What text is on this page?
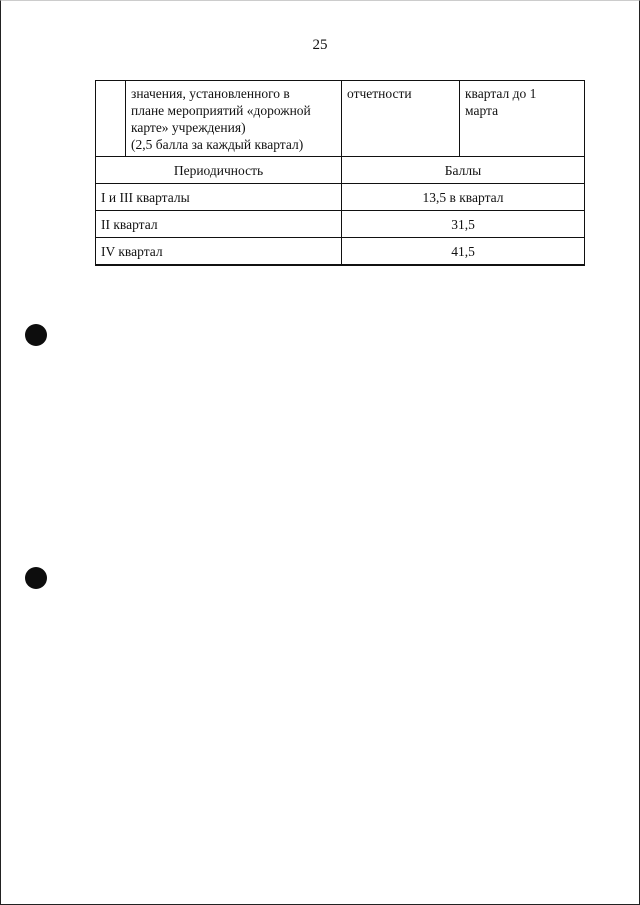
25
	значения, установленного в
плане мероприятий «дорожной
карте» учреждения)
(2,5 балла за каждый квартал)	отчетности	квартал до 1
марта
Периодичность		Баллы	
I и III кварталы		13,5 в квартал	
II квартал		31,5	
IV квартал		41,5	
